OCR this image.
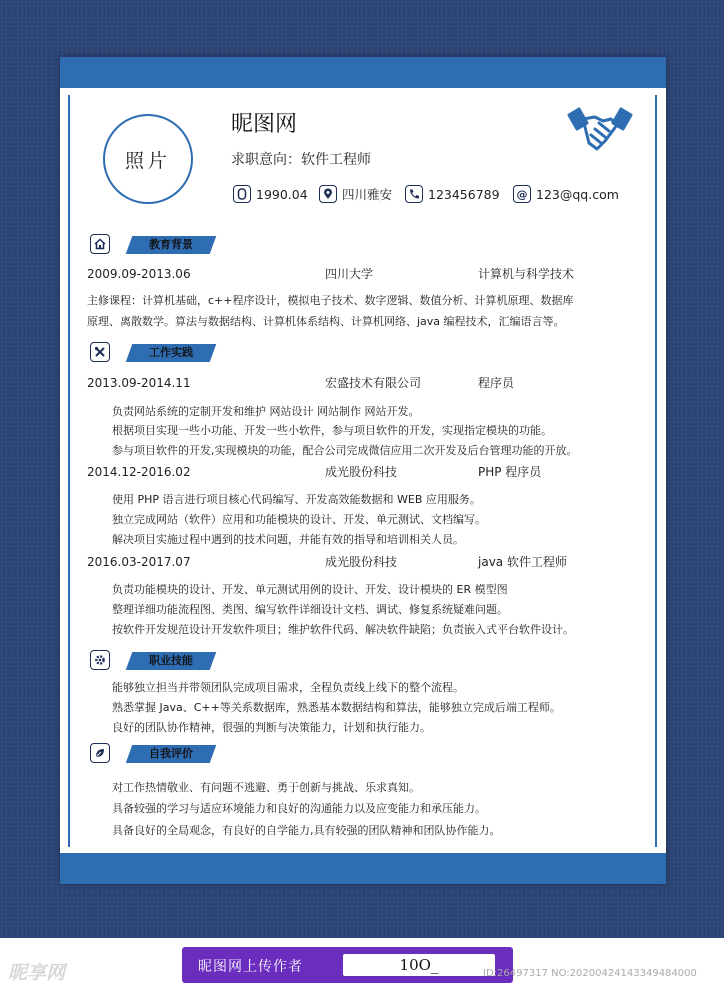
照片
昵图网
求职意向：软件工程师
1990.04	四川雅安	123456789	@ 123@qq.com
教育背景
2009.09-2013.06	四川大学	计算机与科学技术
主修课程：计算机基础，c++程序设计，模拟电子技术、数字逻辑、数值分析、计算机原理、数据库
原理、离散数学。算法与数据结构、计算机体系结构、计算机网络、java 编程技术，汇编语言等。
工作实践
2013.09-2014.11	宏盛技术有限公司	程序员
负责网站系统的定制开发和维护 网站设计 网站制作 网站开发。
根据项目实现一些小功能、开发一些小软件，参与项目软件的开发，实现指定模块的功能。
参与项目软件的开发,实现模块的功能，配合公司完成微信应用二次开发及后台管理功能的开放。
2014.12-2016.02	成光股份科技	PHP 程序员
使用 PHP 语言进行项目核心代码编写、开发高效能数据和 WEB 应用服务。
独立完成网站（软件）应用和功能模块的设计、开发、单元测试、文档编写。
解决项目实施过程中遇到的技术问题，并能有效的指导和培训相关人员。
2016.03-2017.07	成光股份科技	java 软件工程师
负责功能模块的设计、开发、单元测试用例的设计、开发、设计模块的 ER 模型图
整理详细功能流程图、类图、编写软件详细设计文档、调试、修复系统疑难问题。
按软件开发规范设计开发软件项目；维护软件代码、解决软件缺陷；负责嵌入式平台软件设计。
职业技能
能够独立担当并带领团队完成项目需求，全程负责线上线下的整个流程。
熟悉掌握 Java、C++等关系数据库，熟悉基本数据结构和算法，能够独立完成后端工程师。
良好的团队协作精神，很强的判断与决策能力，计划和执行能力。
自我评价
对工作热情敬业、有问题不逃避、勇于创新与挑战、乐求真知。
具备较强的学习与适应环境能力和良好的沟通能力以及应变能力和承压能力。
具备良好的全局观念，有良好的自学能力,具有较强的团队精神和团队协作能力。
昵享网	昵图网上传作者	10O_	ID:26497317 NO:20200424143349484000
